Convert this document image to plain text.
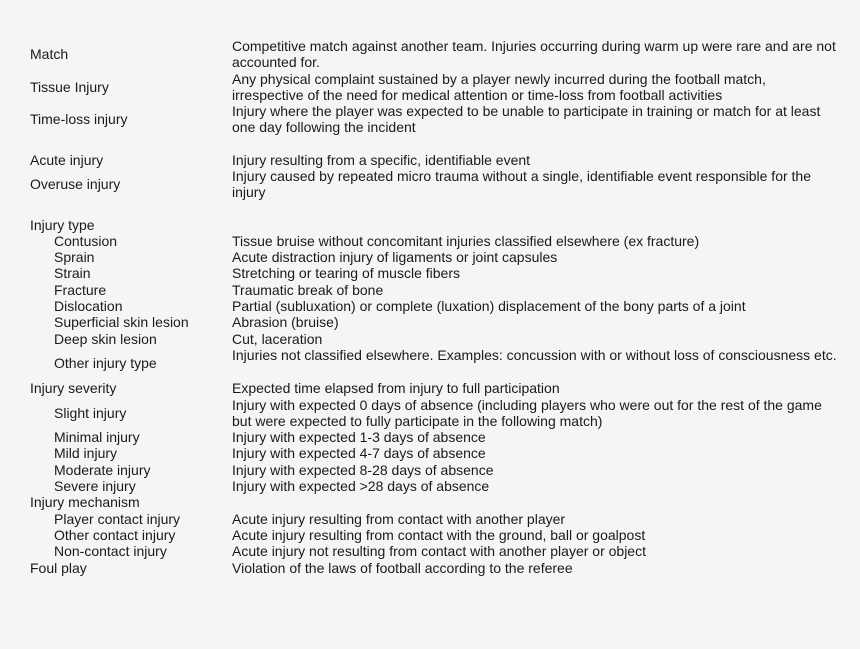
Match	Competitive match against another team. Injuries occurring during warm up were rare and are not accounted for.
Tissue Injury	Any physical complaint sustained by a player newly incurred during the football match, irrespective of the need for medical attention or time-loss from football activities
Time-loss injury	Injury where the player was expected to be unable to participate in training or match for at least one day following the incident
Acute injury	Injury resulting from a specific, identifiable event
Overuse injury	Injury caused by repeated micro trauma without a single, identifiable event responsible for the injury
Injury type
Contusion	Tissue bruise without concomitant injuries classified elsewhere (ex fracture)
Sprain	Acute distraction injury of ligaments or joint capsules
Strain	Stretching or tearing of muscle fibers
Fracture	Traumatic break of bone
Dislocation	Partial (subluxation) or complete (luxation) displacement of the bony parts of a joint
Superficial skin lesion	Abrasion (bruise)
Deep skin lesion	Cut, laceration
Other injury type	Injuries not classified elsewhere. Examples: concussion with or without loss of consciousness etc.
Injury severity	Expected time elapsed from injury to full participation
Slight injury	Injury with expected 0 days of absence (including players who were out for the rest of the game but were expected to fully participate in the following match)
Minimal injury	Injury with expected 1-3 days of absence
Mild injury	Injury with expected 4-7 days of absence
Moderate injury	Injury with expected 8-28 days of absence
Severe injury	Injury with expected >28 days of absence
Injury mechanism
Player contact injury	Acute injury resulting from contact with another player
Other contact injury	Acute injury resulting from contact with the ground, ball or goalpost
Non-contact injury	Acute injury not resulting from contact with another player or object
Foul play	Violation of the laws of football according to the referee
